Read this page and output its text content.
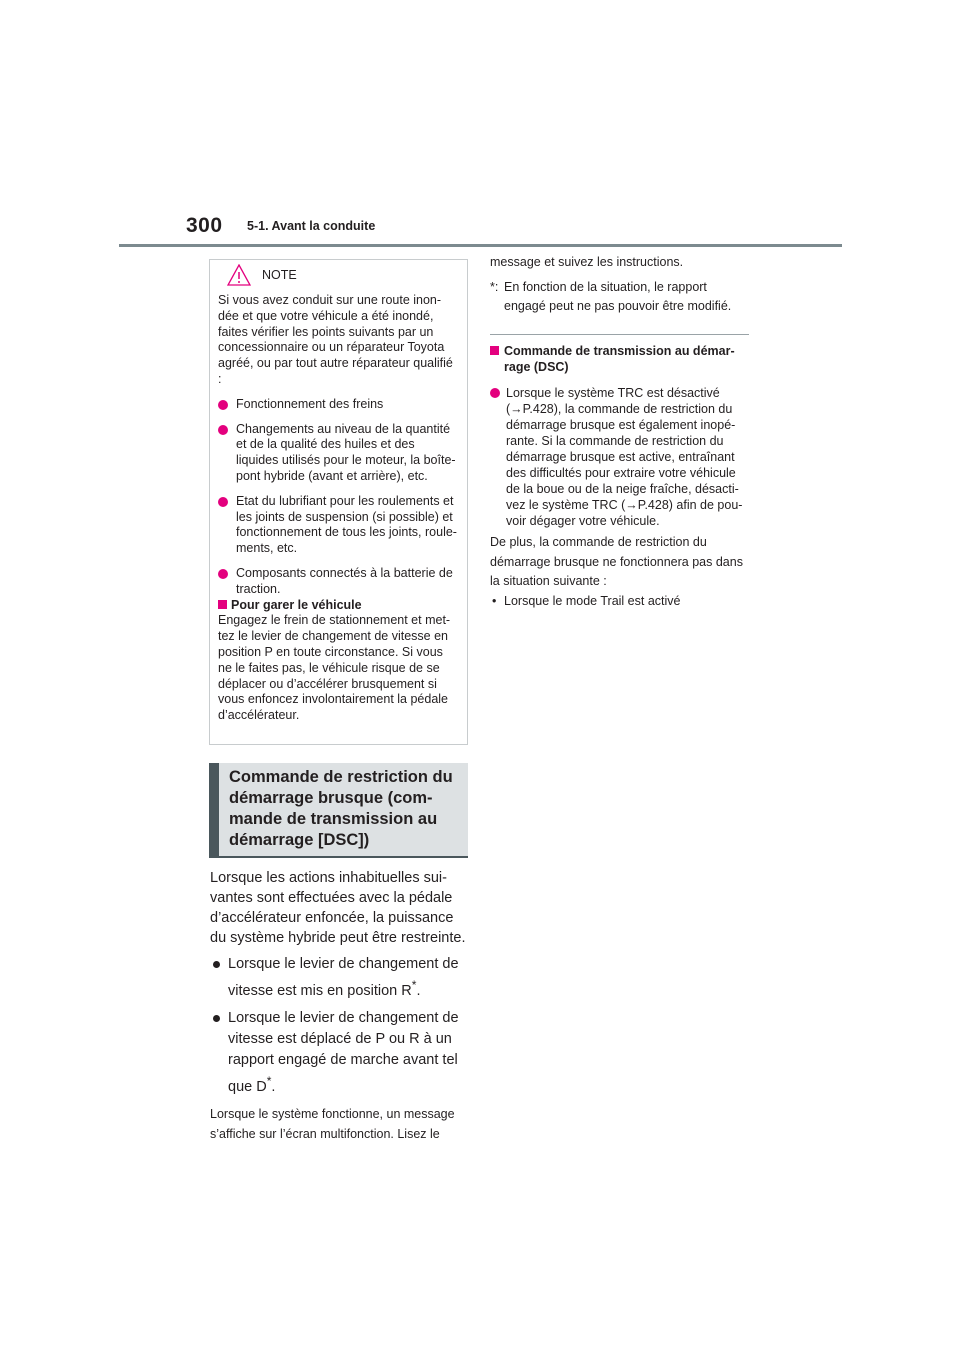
300 5-1. Avant la conduite
NOTE

Si vous avez conduit sur une route inon-dée et que votre véhicule a été inondé, faites vérifier les points suivants par un concessionnaire ou un réparateur Toyota agréé, ou par tout autre réparateur qualifié :

Fonctionnement des freins
Changements au niveau de la quantité et de la qualité des huiles et des liquides utilisés pour le moteur, la boîte-pont hybride (avant et arrière), etc.
Etat du lubrifiant pour les roulements et les joints de suspension (si possible) et fonctionnement de tous les joints, roule-ments, etc.
Composants connectés à la batterie de traction.

Pour garer le véhicule

Engagez le frein de stationnement et met-tez le levier de changement de vitesse en position P en toute circonstance. Si vous ne le faites pas, le véhicule risque de se déplacer ou d’accélérer brusquement si vous enfoncez involontairement la pédale d’accélérateur.

Commande de restriction du démarrage brusque (com-mande de transmission au démarrage [DSC])

Lorsque les actions inhabituelles sui-vantes sont effectuées avec la pédale d’accélérateur enfoncée, la puissance du système hybride peut être restreinte.

Lorsque le levier de changement de vitesse est mis en position R*.
Lorsque le levier de changement de vitesse est déplacé de P ou R à un rapport engagé de marche avant tel que D*.

Lorsque le système fonctionne, un message s’affiche sur l’écran multifonction. Lisez le

message et suivez les instructions.

*: En fonction de la situation, le rapport engagé peut ne pas pouvoir être modifié.
Commande de transmission au démar-rage (DSC)
Lorsque le système TRC est désactivé (→P.428), la commande de restriction du démarrage brusque est également inopé-rante. Si la commande de restriction du démarrage brusque est active, entraînant des difficultés pour extraire votre véhicule de la boue ou de la neige fraîche, désacti-vez le système TRC (→P.428) afin de pou-voir dégager votre véhicule.

De plus, la commande de restriction du démarrage brusque ne fonctionnera pas dans la situation suivante :

• Lorsque le mode Trail est activé
